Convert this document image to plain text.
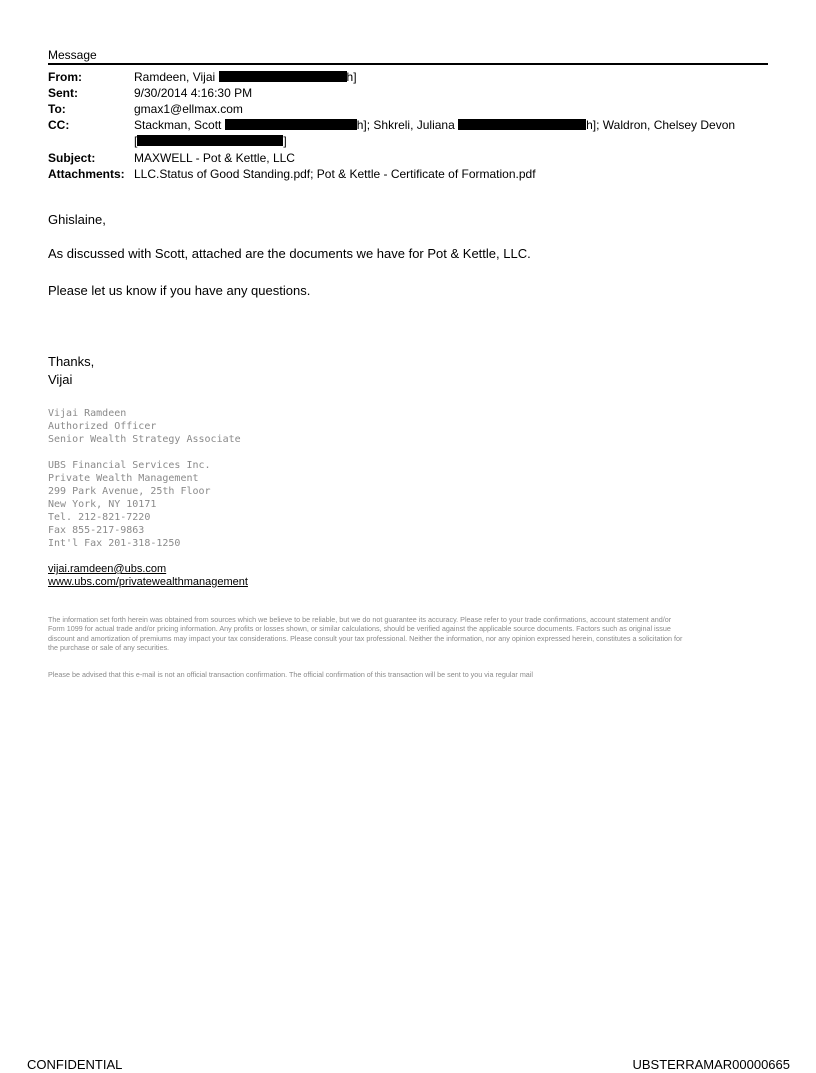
Message
From:	Ramdeen, Vijai	h]
Sent:	9/30/2014 4:16:30 PM
To:	gmax1@ellmax.com
CC:	Stackman, Scott	h]; Shkreli, Juliana	h]; Waldron, Chelsey Devon
[	]
Subject:	MAXWELL - Pot & Kettle, LLC
Attachments: LLC.Status of Good Standing.pdf; Pot & Kettle - Certificate of Formation.pdf
Ghislaine,
As discussed with Scott, attached are the documents we have for Pot & Kettle, LLC.
Please let us know if you have any questions.
Thanks,
Vijai
Vijai Ramdeen
Authorized Officer
Senior Wealth Strategy Associate
UBS Financial Services Inc.
Private Wealth Management
299 Park Avenue, 25th Floor
New York, NY 10171
Tel. 212-821-7220
Fax 855-217-9863
Int'l Fax 201-318-1250
vijai.ramdeen@ubs.com
www.ubs.com/privatewealthmanagement
The information set forth herein was obtained from sources which we believe to be reliable, but we do not guarantee its accuracy. Please refer to your trade confirmations, account statement and/or Form 1099 for actual trade and/or pricing information. Any profits or losses shown, or similar calculations, should be verified against the applicable source documents. Factors such as original issue discount and amortization of premiums may impact your tax considerations. Please consult your tax professional. Neither the information, nor any opinion expressed herein, constitutes a solicitation for the purchase or sale of any securities.
Please be advised that this e-mail is not an official transaction confirmation. The official confirmation of this transaction will be sent to you via regular mail
CONFIDENTIAL	UBSTERRAMAR00000665
